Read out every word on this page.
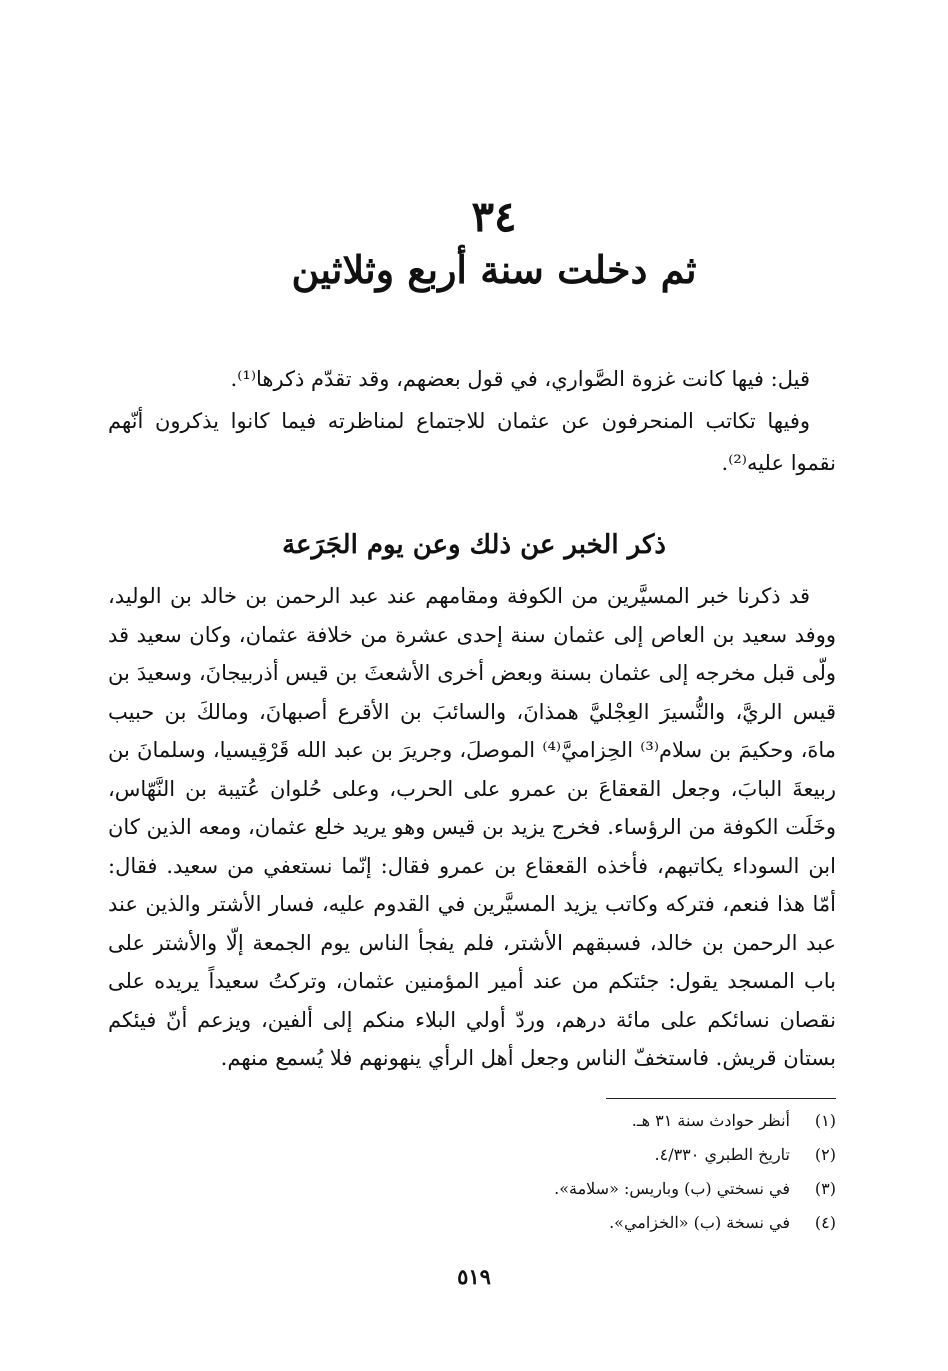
٣٤
ثم دخلت سنة أربع وثلاثين

قيل: فيها كانت غزوة الصَّواري، في قول بعضهم، وقد تقدّم ذكرها⁽¹⁾.

وفيها تكاتب المنحرفون عن عثمان للاجتماع لمناظرته فيما كانوا يذكرون أنّهم نقموا عليه⁽²⁾.

ذكر الخبر عن ذلك وعن يوم الجَرَعة

قد ذكرنا خبر المسيَّرين من الكوفة ومقامهم عند عبد الرحمن بن خالد بن الوليد، ووفد سعيد بن العاص إلى عثمان سنة إحدى عشرة من خلافة عثمان، وكان سعيد قد ولّى قبل مخرجه إلى عثمان بسنة وبعض أخرى الأشعثَ بن قيس أذربيجانَ، وسعيدَ بن قيس الريَّ، والنُّسيرَ العِجْليَّ همذانَ، والسائبَ بن الأقرع أصبهانَ، ومالكَ بن حبيب ماهَ، وحكيمَ بن سلام⁽³⁾ الحِزاميَّ⁽⁴⁾ الموصلَ، وجريرَ بن عبد الله قَرْقِيسيا، وسلمانَ بن ربيعةَ البابَ، وجعل القعقاعَ بن عمرو على الحرب، وعلى حُلوان عُتيبة بن النَّهّاس، وخَلَت الكوفة من الرؤساء. فخرج يزيد بن قيس وهو يريد خلع عثمان، ومعه الذين كان ابن السوداء يكاتبهم، فأخذه القعقاع بن عمرو فقال: إنّما نستعفي من سعيد. فقال: أمّا هذا فنعم، فتركه وكاتب يزيد المسيَّرين في القدوم عليه، فسار الأشتر والذين عند عبد الرحمن بن خالد، فسبقهم الأشتر، فلم يفجأ الناس يوم الجمعة إلّا والأشتر على باب المسجد يقول: جئتكم من عند أمير المؤمنين عثمان، وتركتُ سعيداً يريده على نقصان نسائكم على مائة درهم، وردّ أولي البلاء منكم إلى ألفين، ويزعم أنّ فيئكم بستان قريش. فاستخفّ الناس وجعل أهل الرأي ينهونهم فلا يُسمع منهم.

(١)
أنظر حوادث سنة ٣١ هـ.
(٢)
تاريخ الطبري ٤/٣٣٠.
(٣)
في نسختي (ب) وباريس: «سلامة».
(٤)
في نسخة (ب) «الخزامي».
٥١٩
